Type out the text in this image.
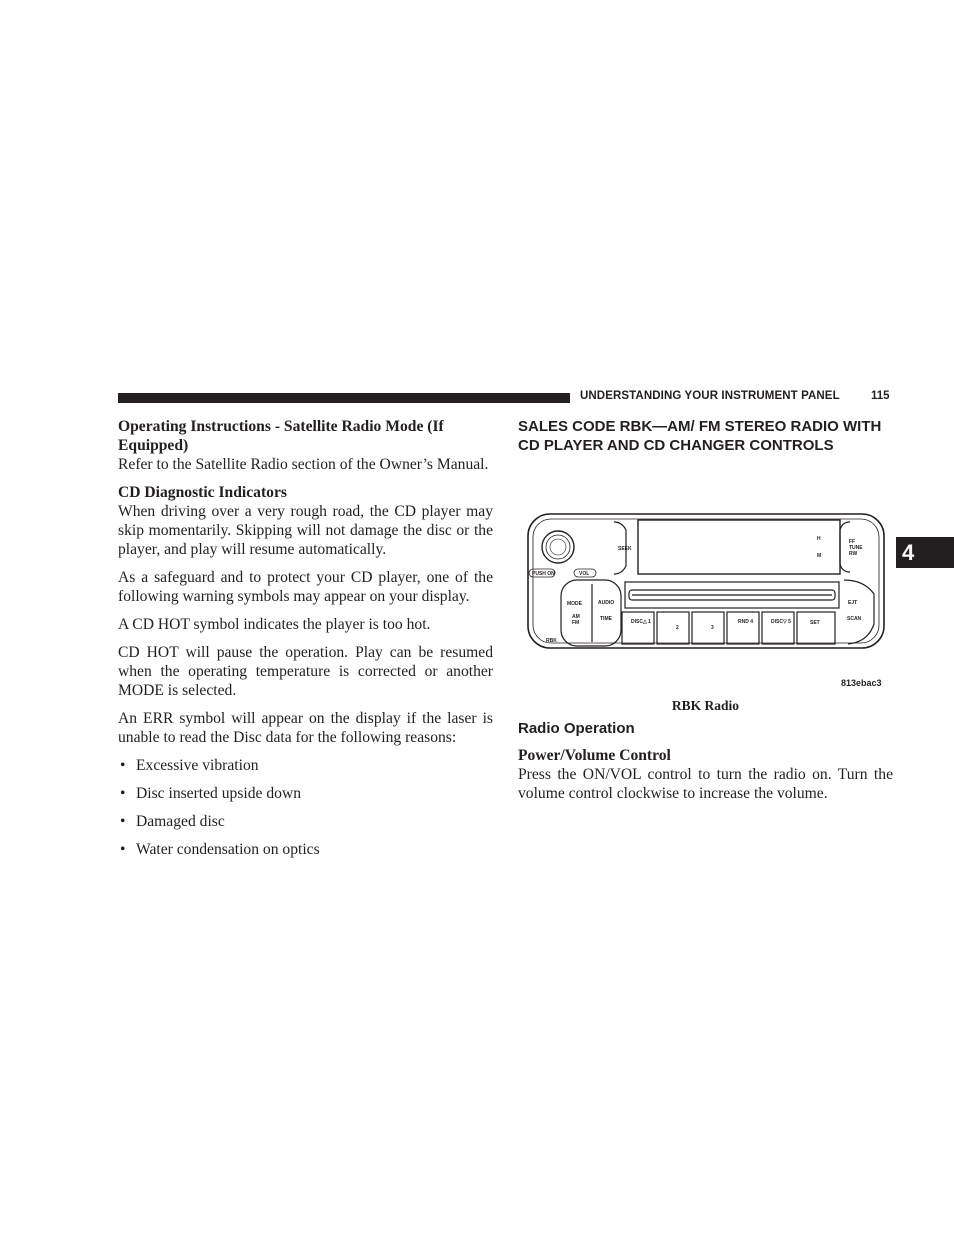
UNDERSTANDING YOUR INSTRUMENT PANEL	115
4

Operating Instructions - Satellite Radio Mode (If Equipped)

Refer to the Satellite Radio section of the Owner’s Manual.

CD Diagnostic Indicators

When driving over a very rough road, the CD player may skip momentarily. Skipping will not damage the disc or the player, and play will resume automatically.

As a safeguard and to protect your CD player, one of the following warning symbols may appear on your display.

A CD HOT symbol indicates the player is too hot.

CD HOT will pause the operation. Play can be resumed when the operating temperature is corrected or another MODE is selected.

An ERR symbol will appear on the display if the laser is unable to read the Disc data for the following reasons:

• Excessive vibration
• Disc inserted upside down
• Damaged disc
• Water condensation on optics

SALES CODE RBK—AM/ FM STEREO RADIO WITH CD PLAYER AND CD CHANGER CONTROLS

PUSH ON	VOL
SEEK
H
M
FF
TUNE
RW
MODE	AUDIO
AM
FM
TIME	DISC△ 1
2	3
RND 4	DISC▽ 5	SET
EJT
SCAN
RBK
813ebac3
RBK Radio

Radio Operation

Power/Volume Control

Press the ON/VOL control to turn the radio on. Turn the volume control clockwise to increase the volume.
